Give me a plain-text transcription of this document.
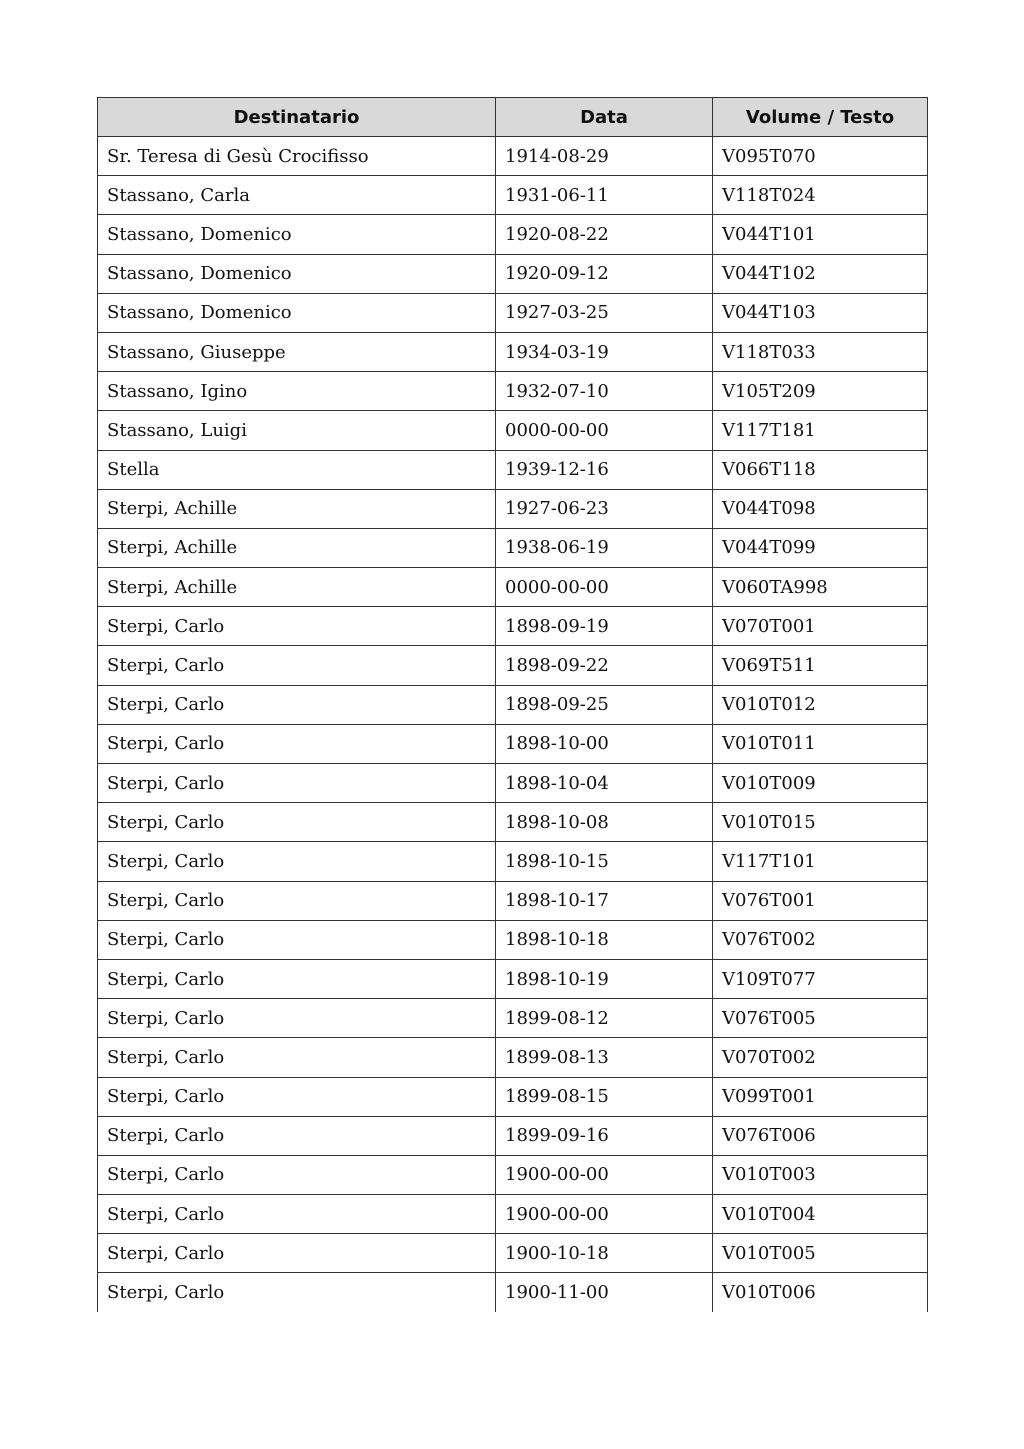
Destinatario	Data	Volume / Testo
Sr. Teresa di Gesù Crocifisso	1914-08-29	V095T070
Stassano, Carla	1931-06-11	V118T024
Stassano, Domenico	1920-08-22	V044T101
Stassano, Domenico	1920-09-12	V044T102
Stassano, Domenico	1927-03-25	V044T103
Stassano, Giuseppe	1934-03-19	V118T033
Stassano, Igino	1932-07-10	V105T209
Stassano, Luigi	0000-00-00	V117T181
Stella	1939-12-16	V066T118
Sterpi, Achille	1927-06-23	V044T098
Sterpi, Achille	1938-06-19	V044T099
Sterpi, Achille	0000-00-00	V060TA998
Sterpi, Carlo	1898-09-19	V070T001
Sterpi, Carlo	1898-09-22	V069T511
Sterpi, Carlo	1898-09-25	V010T012
Sterpi, Carlo	1898-10-00	V010T011
Sterpi, Carlo	1898-10-04	V010T009
Sterpi, Carlo	1898-10-08	V010T015
Sterpi, Carlo	1898-10-15	V117T101
Sterpi, Carlo	1898-10-17	V076T001
Sterpi, Carlo	1898-10-18	V076T002
Sterpi, Carlo	1898-10-19	V109T077
Sterpi, Carlo	1899-08-12	V076T005
Sterpi, Carlo	1899-08-13	V070T002
Sterpi, Carlo	1899-08-15	V099T001
Sterpi, Carlo	1899-09-16	V076T006
Sterpi, Carlo	1900-00-00	V010T003
Sterpi, Carlo	1900-00-00	V010T004
Sterpi, Carlo	1900-10-18	V010T005
Sterpi, Carlo	1900-11-00	V010T006
